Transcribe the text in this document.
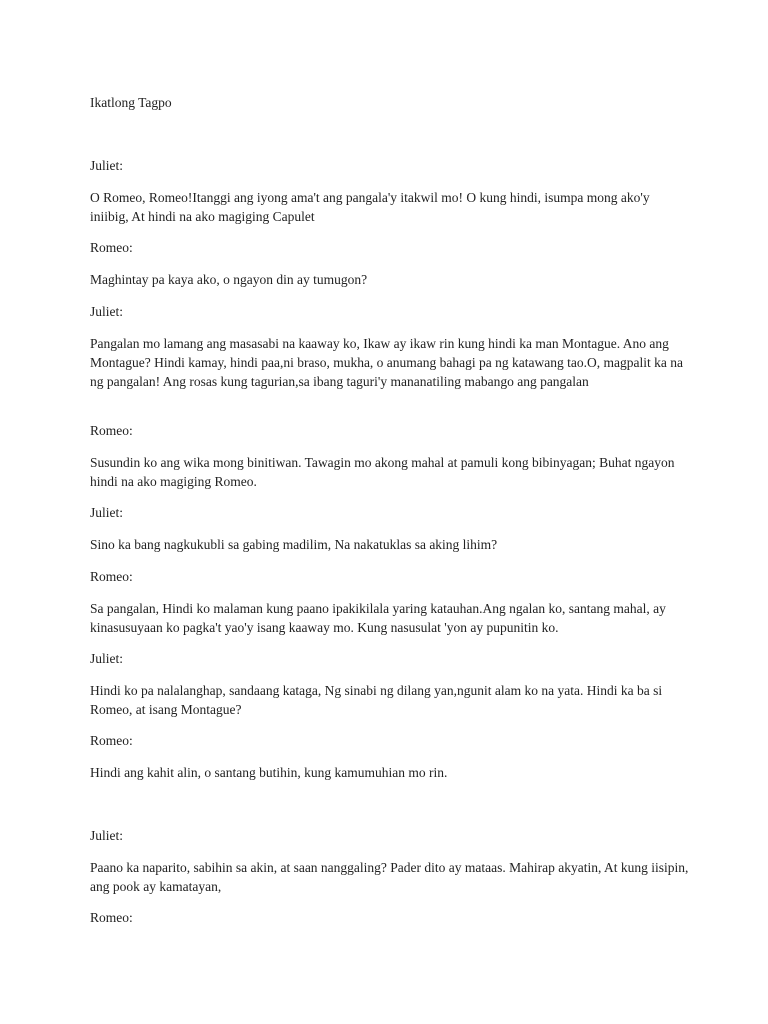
Ikatlong Tagpo

Juliet:

O Romeo, Romeo!Itanggi ang iyong ama't ang pangala'y itakwil mo! O kung hindi, isumpa mong ako'y iniibig, At hindi na ako magiging Capulet

Romeo:

Maghintay pa kaya ako, o ngayon din ay tumugon?

Juliet:

Pangalan mo lamang ang masasabi na kaaway ko, Ikaw ay ikaw rin kung hindi ka man Montague. Ano ang Montague? Hindi kamay, hindi paa,ni braso, mukha, o anumang bahagi pa ng katawang tao.O, magpalit ka na ng pangalan! Ang rosas kung tagurian,sa ibang taguri'y mananatiling mabango ang pangalan

Romeo:

Susundin ko ang wika mong binitiwan. Tawagin mo akong mahal at pamuli kong bibinyagan; Buhat ngayon hindi na ako magiging Romeo.

Juliet:

Sino ka bang nagkukubli sa gabing madilim, Na nakatuklas sa aking lihim?

Romeo:

Sa pangalan, Hindi ko malaman kung paano ipakikilala yaring katauhan.Ang ngalan ko, santang mahal, ay kinasusuyaan ko pagka't yao'y isang kaaway mo. Kung nasusulat 'yon ay pupunitin ko.

Juliet:

Hindi ko pa nalalanghap, sandaang kataga, Ng sinabi ng dilang yan,ngunit alam ko na yata. Hindi ka ba si Romeo, at isang Montague?

Romeo:

Hindi ang kahit alin, o santang butihin, kung kamumuhian mo rin.

Juliet:

Paano ka naparito, sabihin sa akin, at saan nanggaling? Pader dito ay mataas. Mahirap akyatin, At kung iisipin, ang pook ay kamatayan,

Romeo:
